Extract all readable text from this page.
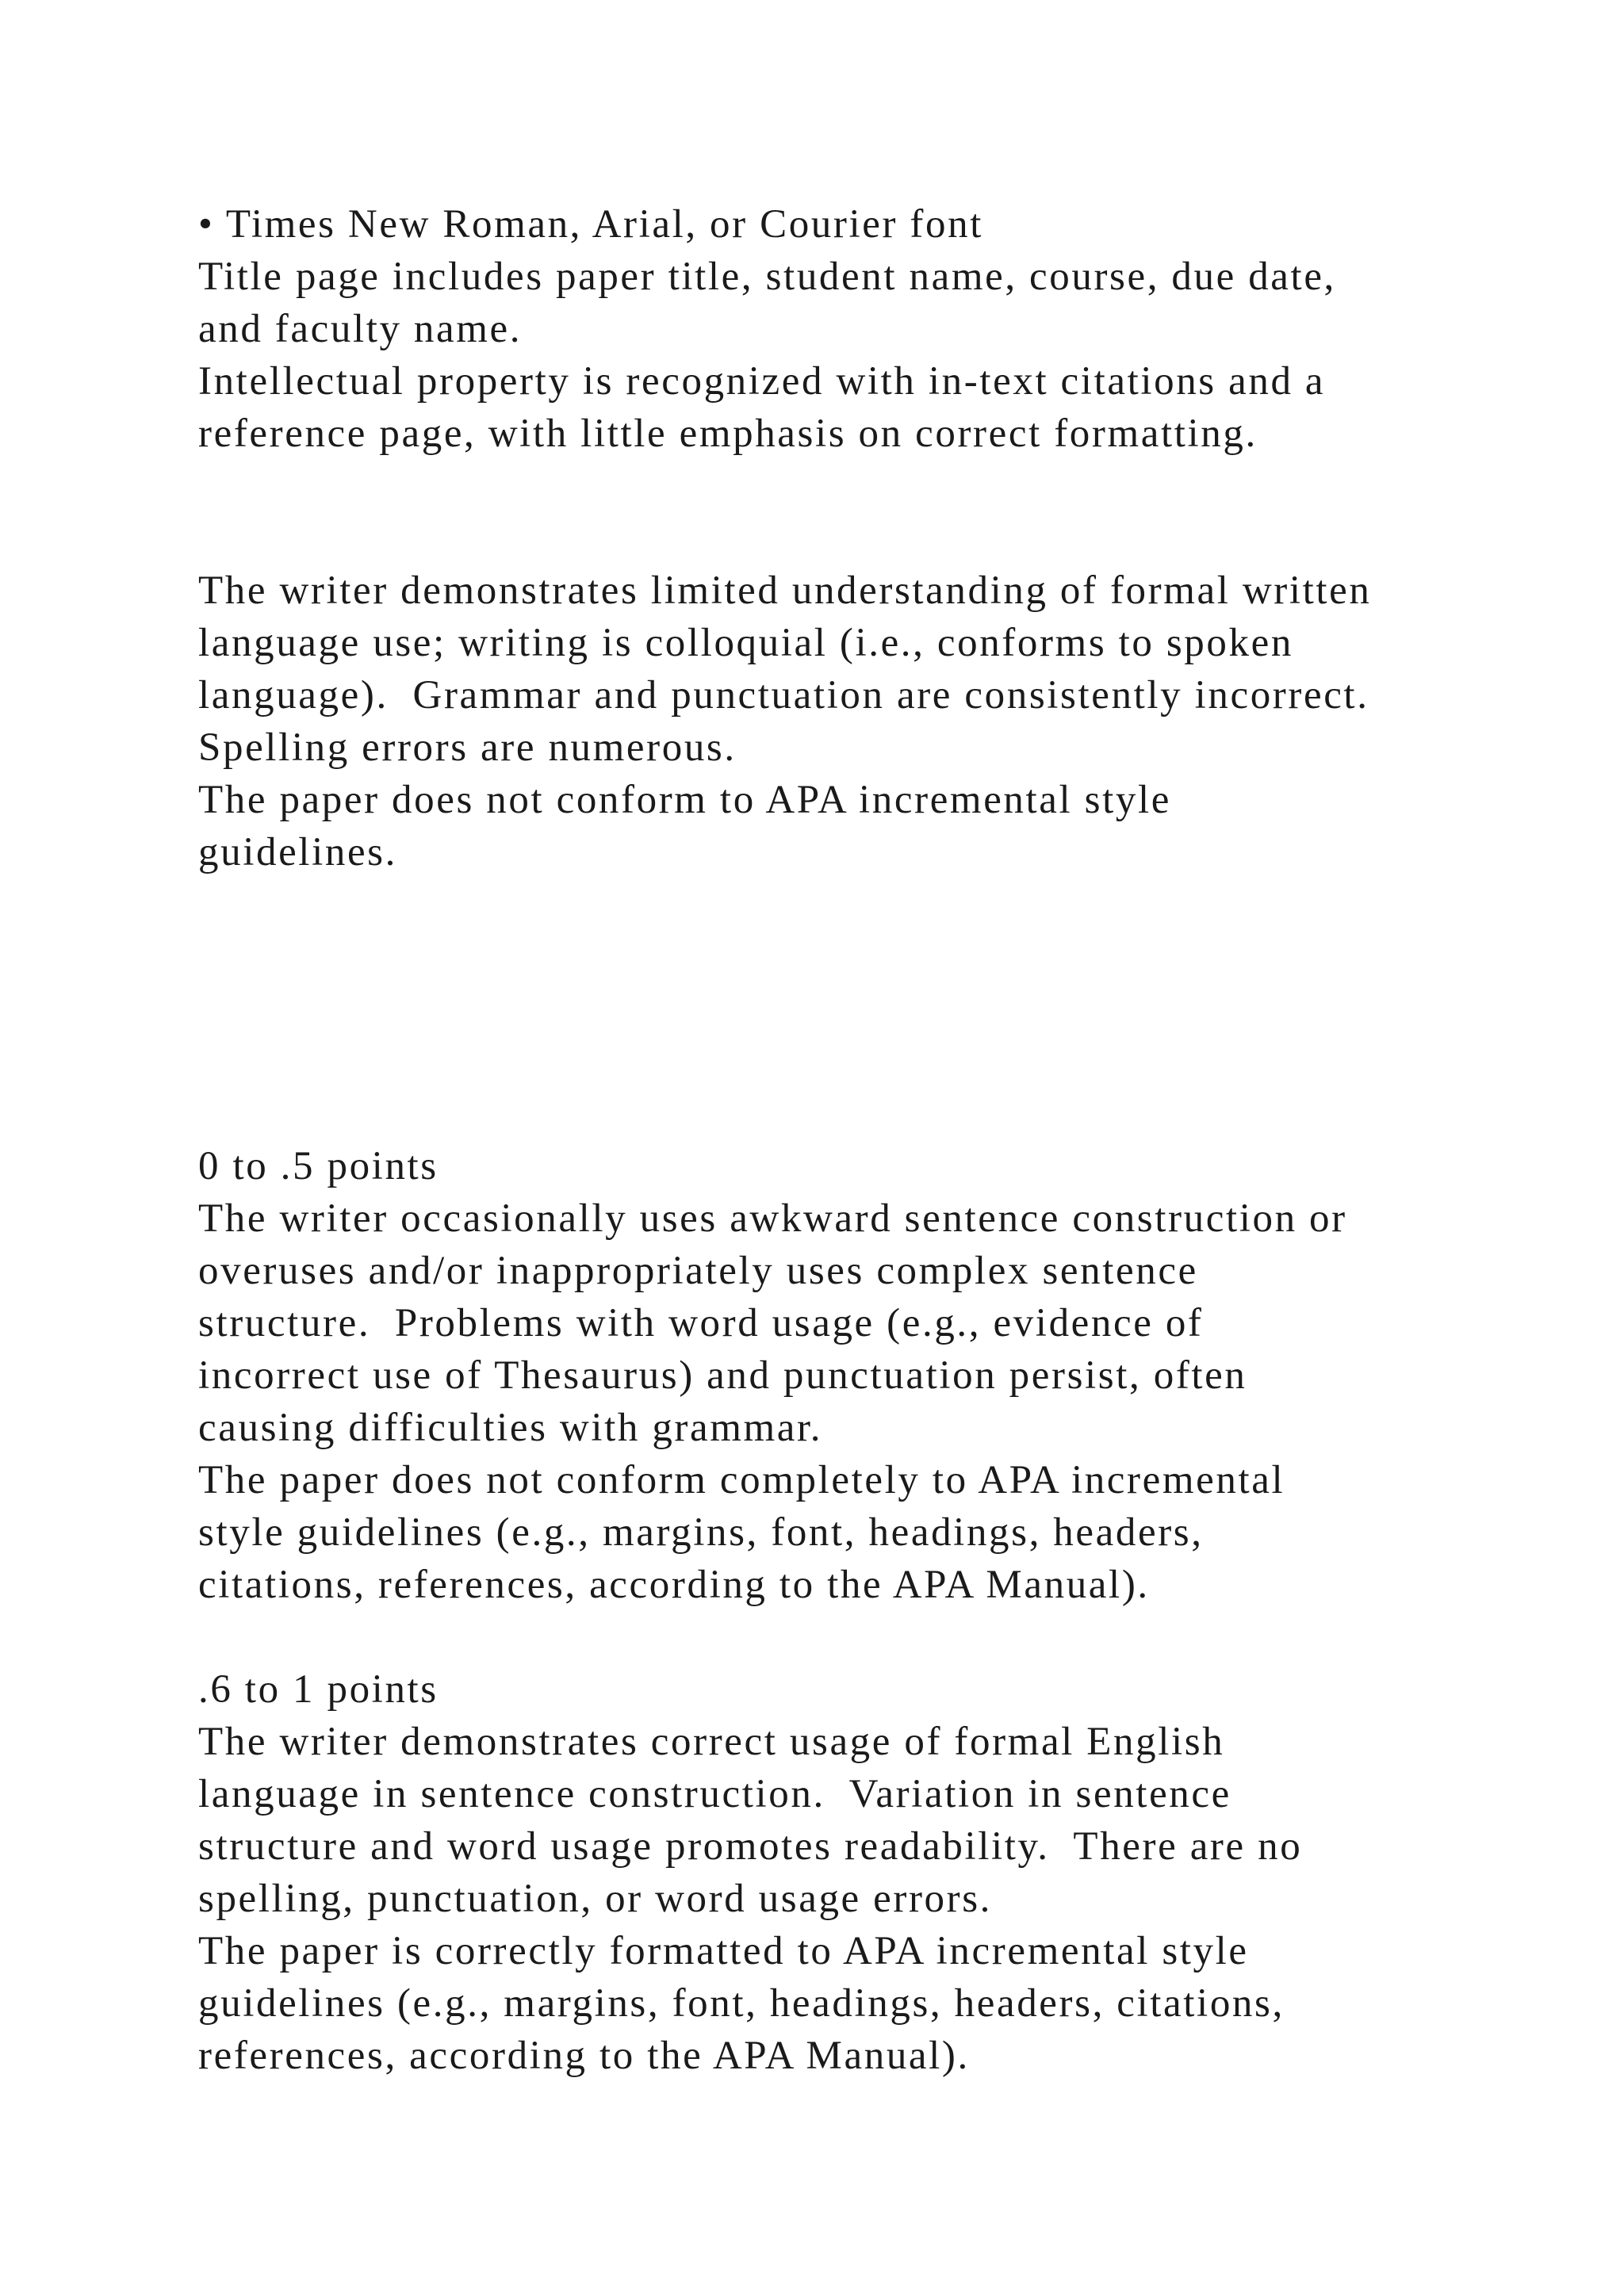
• Times New Roman, Arial, or Courier font

Title page includes paper title, student name, course, due date,

and faculty name.

Intellectual property is recognized with in-text citations and a

reference page, with little emphasis on correct formatting.

The writer demonstrates limited understanding of formal written

language use; writing is colloquial (i.e., conforms to spoken

language).  Grammar and punctuation are consistently incorrect.

Spelling errors are numerous.

The paper does not conform to APA incremental style

guidelines.

0 to .5 points

The writer occasionally uses awkward sentence construction or

overuses and/or inappropriately uses complex sentence

structure.  Problems with word usage (e.g., evidence of

incorrect use of Thesaurus) and punctuation persist, often

causing difficulties with grammar.

The paper does not conform completely to APA incremental

style guidelines (e.g., margins, font, headings, headers,

citations, references, according to the APA Manual).

.6 to 1 points

The writer demonstrates correct usage of formal English

language in sentence construction.  Variation in sentence

structure and word usage promotes readability.  There are no

spelling, punctuation, or word usage errors.

The paper is correctly formatted to APA incremental style

guidelines (e.g., margins, font, headings, headers, citations,

references, according to the APA Manual).
